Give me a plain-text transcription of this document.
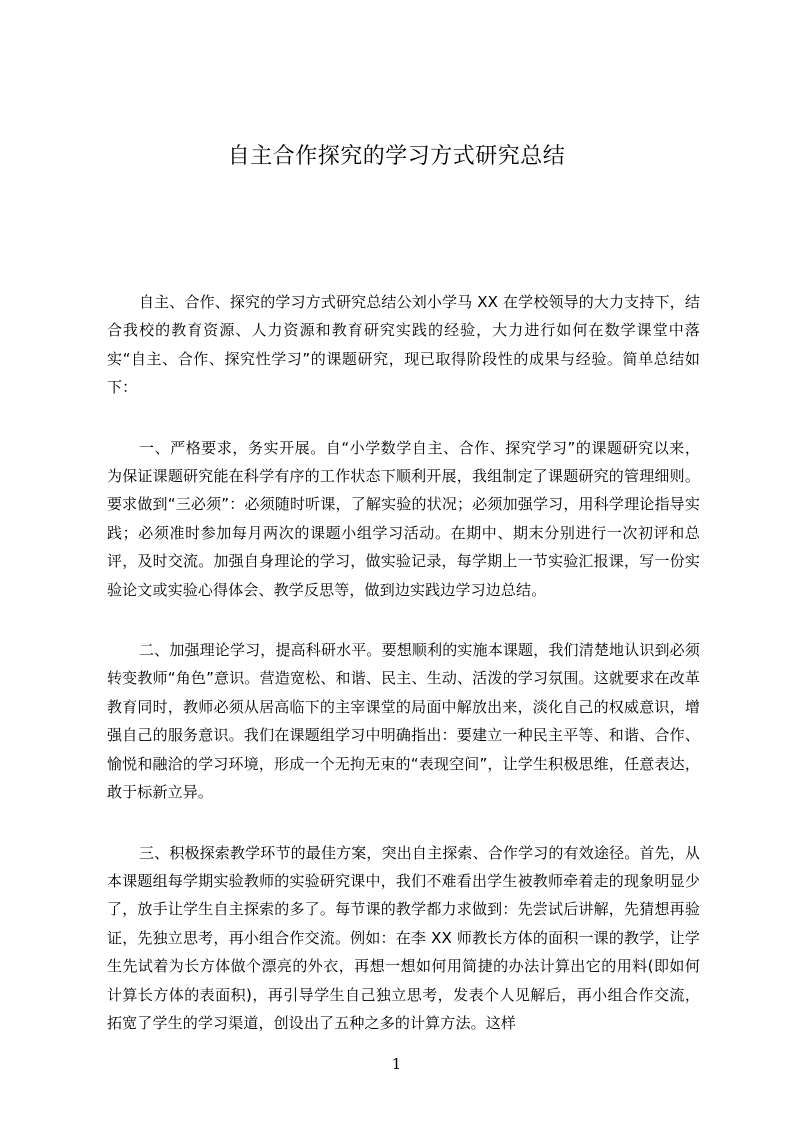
自主合作探究的学习方式研究总结

自主、合作、探究的学习方式研究总结公刘小学马 XX 在学校领导的大力支持下，结合我校的教育资源、人力资源和教育研究实践的经验，大力进行如何在数学课堂中落实“自主、合作、探究性学习”的课题研究，现已取得阶段性的成果与经验。简单总结如下：

一、严格要求，务实开展。自“小学数学自主、合作、探究学习”的课题研究以来，为保证课题研究能在科学有序的工作状态下顺利开展，我组制定了课题研究的管理细则。要求做到“三必须”：必须随时听课，了解实验的状况；必须加强学习，用科学理论指导实践；必须准时参加每月两次的课题小组学习活动。在期中、期末分别进行一次初评和总评，及时交流。加强自身理论的学习，做实验记录，每学期上一节实验汇报课，写一份实验论文或实验心得体会、教学反思等，做到边实践边学习边总结。

二、加强理论学习，提高科研水平。要想顺利的实施本课题，我们清楚地认识到必须转变教师“角色”意识。营造宽松、和谐、民主、生动、活泼的学习氛围。这就要求在改革教育同时，教师必须从居高临下的主宰课堂的局面中解放出来，淡化自己的权威意识，增强自己的服务意识。我们在课题组学习中明确指出：要建立一种民主平等、和谐、合作、愉悦和融洽的学习环境，形成一个无拘无束的“表现空间”，让学生积极思维，任意表达，敢于标新立异。

三、积极探索教学环节的最佳方案，突出自主探索、合作学习的有效途径。首先，从本课题组每学期实验教师的实验研究课中，我们不难看出学生被教师牵着走的现象明显少了，放手让学生自主探索的多了。每节课的教学都力求做到：先尝试后讲解，先猜想再验证，先独立思考，再小组合作交流。例如：在李 XX 师教长方体的面积一课的教学，让学生先试着为长方体做个漂亮的外衣，再想一想如何用简捷的办法计算出它的用料(即如何计算长方体的表面积)，再引导学生自己独立思考，发表个人见解后，再小组合作交流，拓宽了学生的学习渠道，创设出了五种之多的计算方法。这样

1
